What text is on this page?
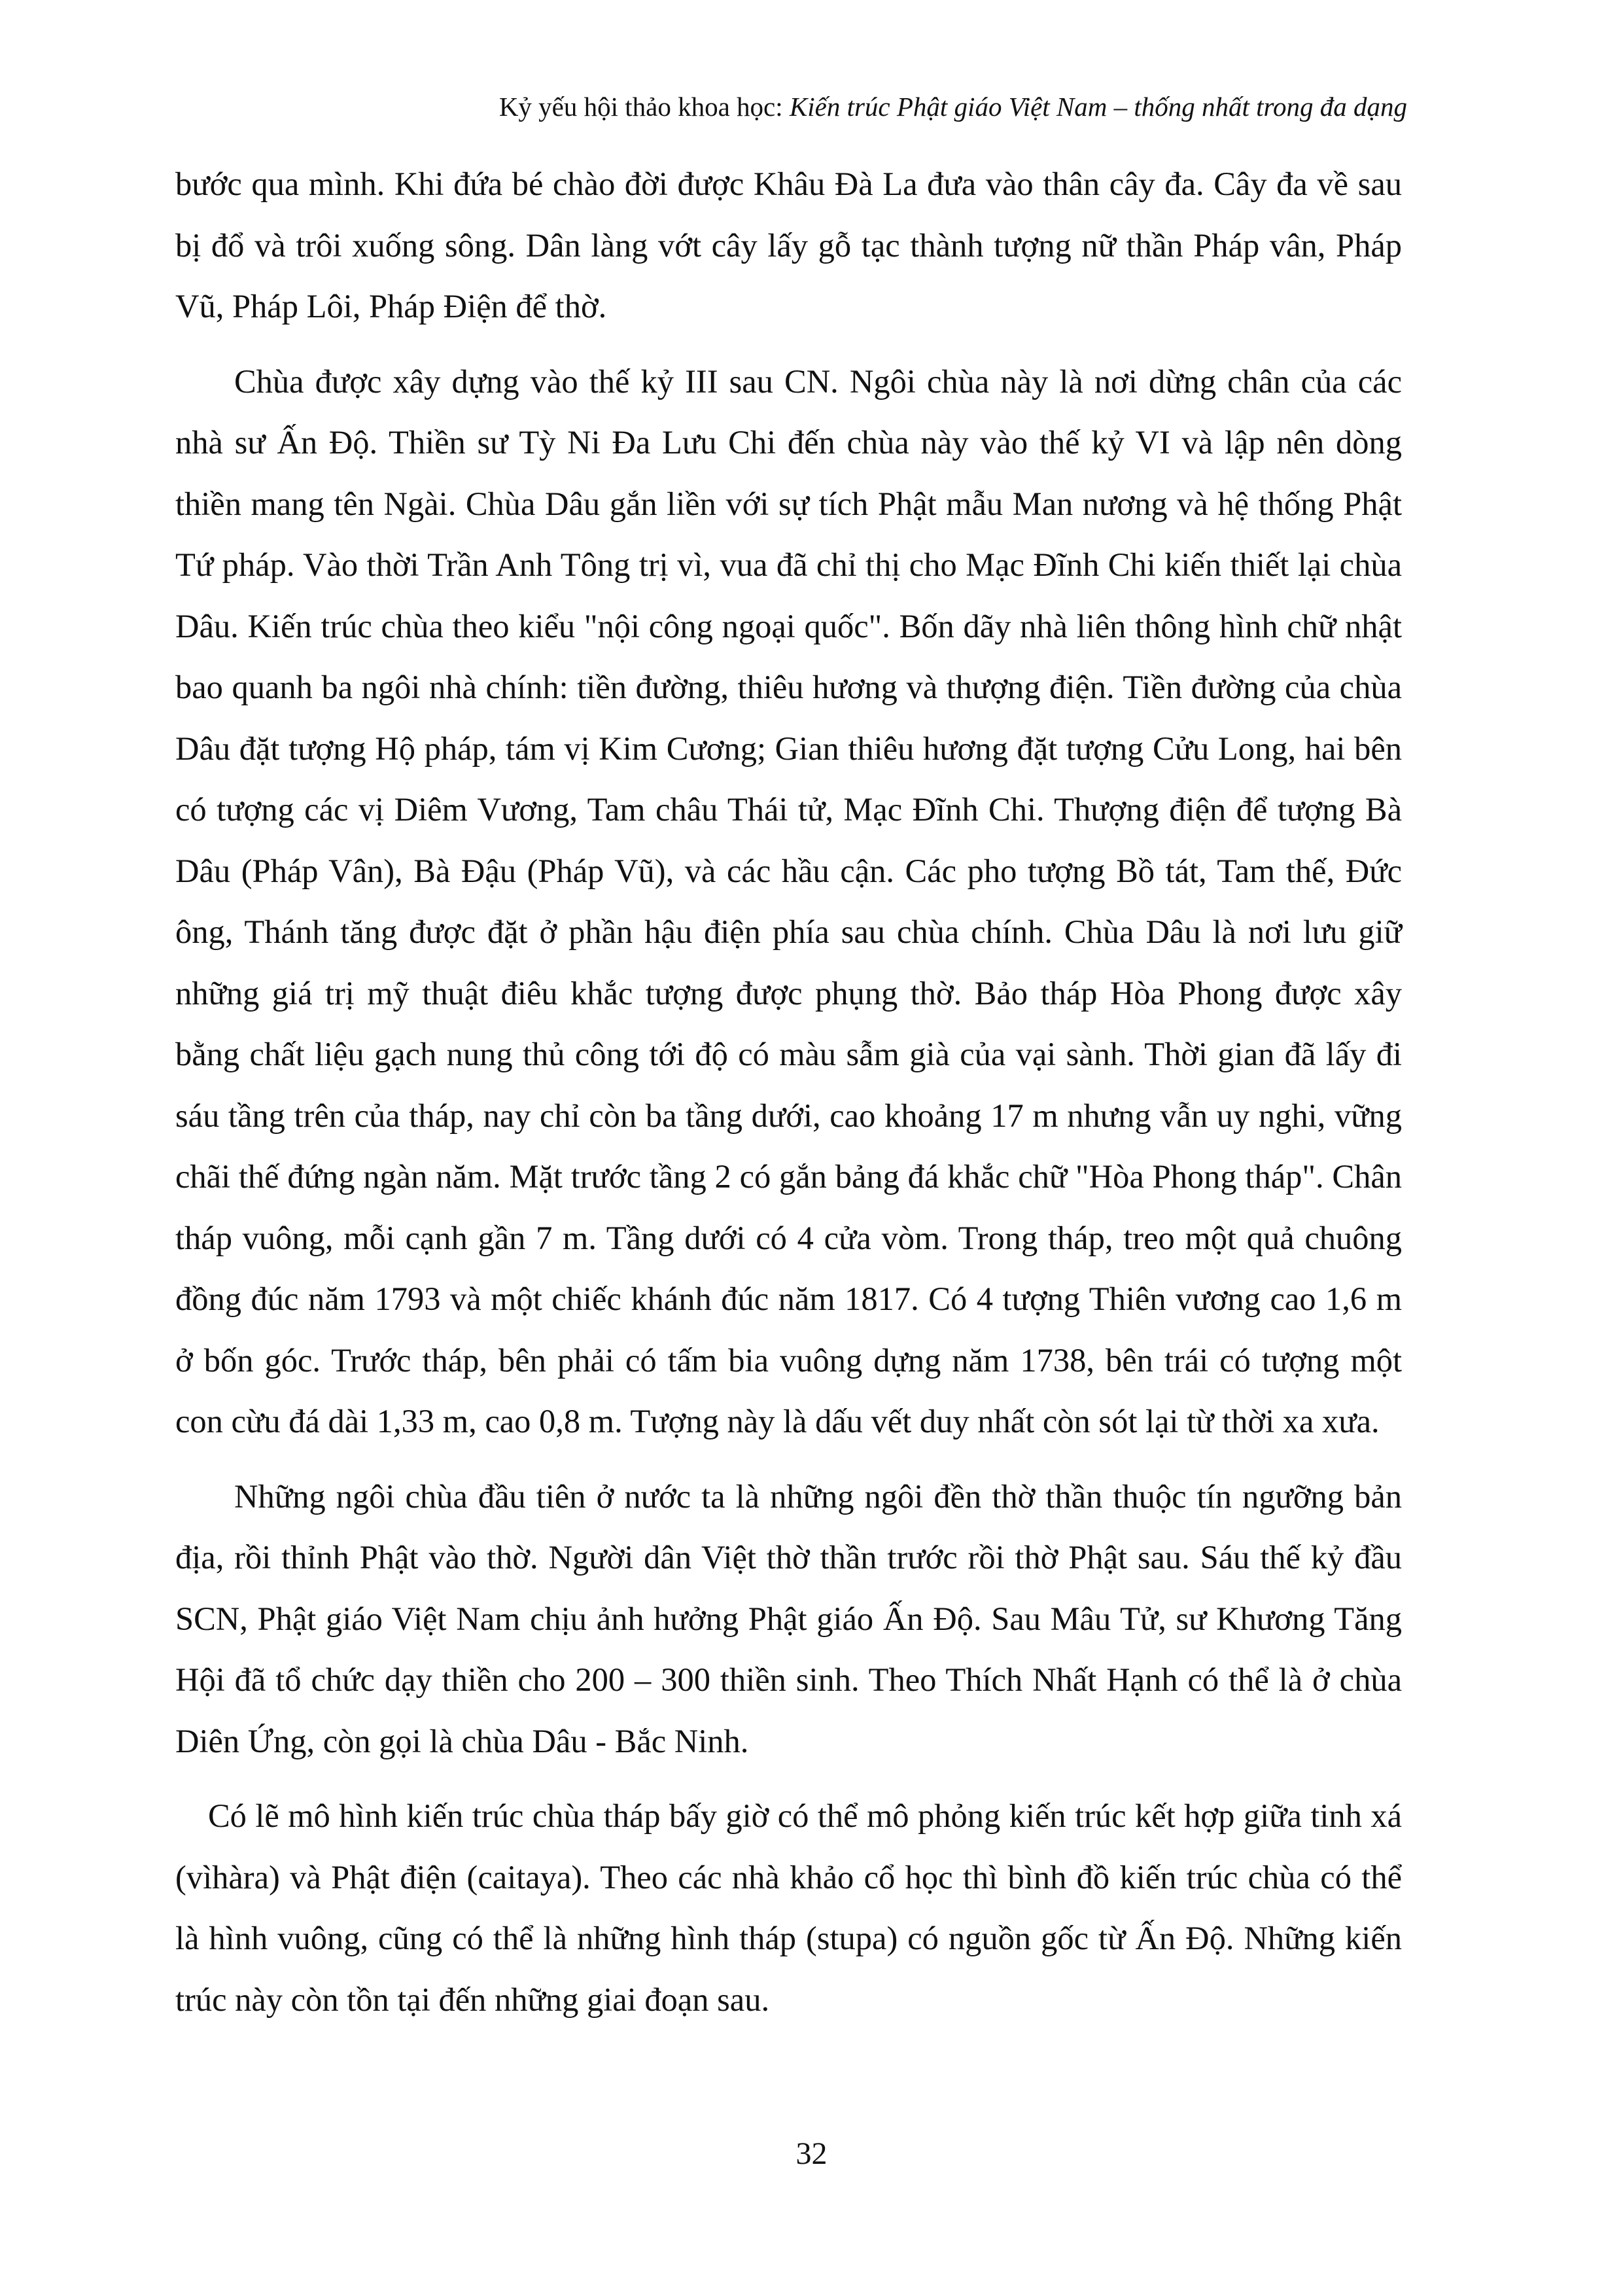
Kỷ yếu hội thảo khoa học: Kiến trúc Phật giáo Việt Nam – thống nhất trong đa dạng

bước qua mình. Khi đứa bé chào đời được Khâu Đà La đưa vào thân cây đa. Cây đa về sau bị đổ và trôi xuống sông. Dân làng vớt cây lấy gỗ tạc thành tượng nữ thần Pháp vân, Pháp Vũ, Pháp Lôi, Pháp Điện để thờ.

Chùa được xây dựng vào thế kỷ III sau CN. Ngôi chùa này là nơi dừng chân của các nhà sư Ấn Độ. Thiền sư Tỳ Ni Đa Lưu Chi đến chùa này vào thế kỷ VI và lập nên dòng thiền mang tên Ngài. Chùa Dâu gắn liền với sự tích Phật mẫu Man nương và hệ thống Phật Tứ pháp. Vào thời Trần Anh Tông trị vì, vua đã chỉ thị cho Mạc Đĩnh Chi kiến thiết lại chùa Dâu. Kiến trúc chùa theo kiểu "nội công ngoại quốc". Bốn dãy nhà liên thông hình chữ nhật bao quanh ba ngôi nhà chính: tiền đường, thiêu hương và thượng điện. Tiền đường của chùa Dâu đặt tượng Hộ pháp, tám vị Kim Cương; Gian thiêu hương đặt tượng Cửu Long, hai bên có tượng các vị Diêm Vương, Tam châu Thái tử, Mạc Đĩnh Chi. Thượng điện để tượng Bà Dâu (Pháp Vân), Bà Đậu (Pháp Vũ), và các hầu cận. Các pho tượng Bồ tát, Tam thế, Đức ông, Thánh tăng được đặt ở phần hậu điện phía sau chùa chính. Chùa Dâu là nơi lưu giữ những giá trị mỹ thuật điêu khắc tượng được phụng thờ. Bảo tháp Hòa Phong được xây bằng chất liệu gạch nung thủ công tới độ có màu sẫm già của vại sành. Thời gian đã lấy đi sáu tầng trên của tháp, nay chỉ còn ba tầng dưới, cao khoảng 17 m nhưng vẫn uy nghi, vững chãi thế đứng ngàn năm. Mặt trước tầng 2 có gắn bảng đá khắc chữ "Hòa Phong tháp". Chân tháp vuông, mỗi cạnh gần 7 m. Tầng dưới có 4 cửa vòm. Trong tháp, treo một quả chuông đồng đúc năm 1793 và một chiếc khánh đúc năm 1817. Có 4 tượng Thiên vương cao 1,6 m ở bốn góc. Trước tháp, bên phải có tấm bia vuông dựng năm 1738, bên trái có tượng một con cừu đá dài 1,33 m, cao 0,8 m. Tượng này là dấu vết duy nhất còn sót lại từ thời xa xưa.

Những ngôi chùa đầu tiên ở nước ta là những ngôi đền thờ thần thuộc tín ngưỡng bản địa, rồi thỉnh Phật vào thờ. Người dân Việt thờ thần trước rồi thờ Phật sau. Sáu thế kỷ đầu SCN, Phật giáo Việt Nam chịu ảnh hưởng Phật giáo Ấn Độ. Sau Mâu Tử, sư Khương Tăng Hội đã tổ chức dạy thiền cho 200 – 300 thiền sinh. Theo Thích Nhất Hạnh có thể là ở chùa Diên Ứng, còn gọi là chùa Dâu - Bắc Ninh.

Có lẽ mô hình kiến trúc chùa tháp bấy giờ có thể mô phỏng kiến trúc kết hợp giữa tinh xá (vìhàra) và Phật điện (caitaya). Theo các nhà khảo cổ học thì bình đồ kiến trúc chùa có thể là hình vuông, cũng có thể là những hình tháp (stupa) có nguồn gốc từ Ấn Độ. Những kiến trúc này còn tồn tại đến những giai đoạn sau.

32
